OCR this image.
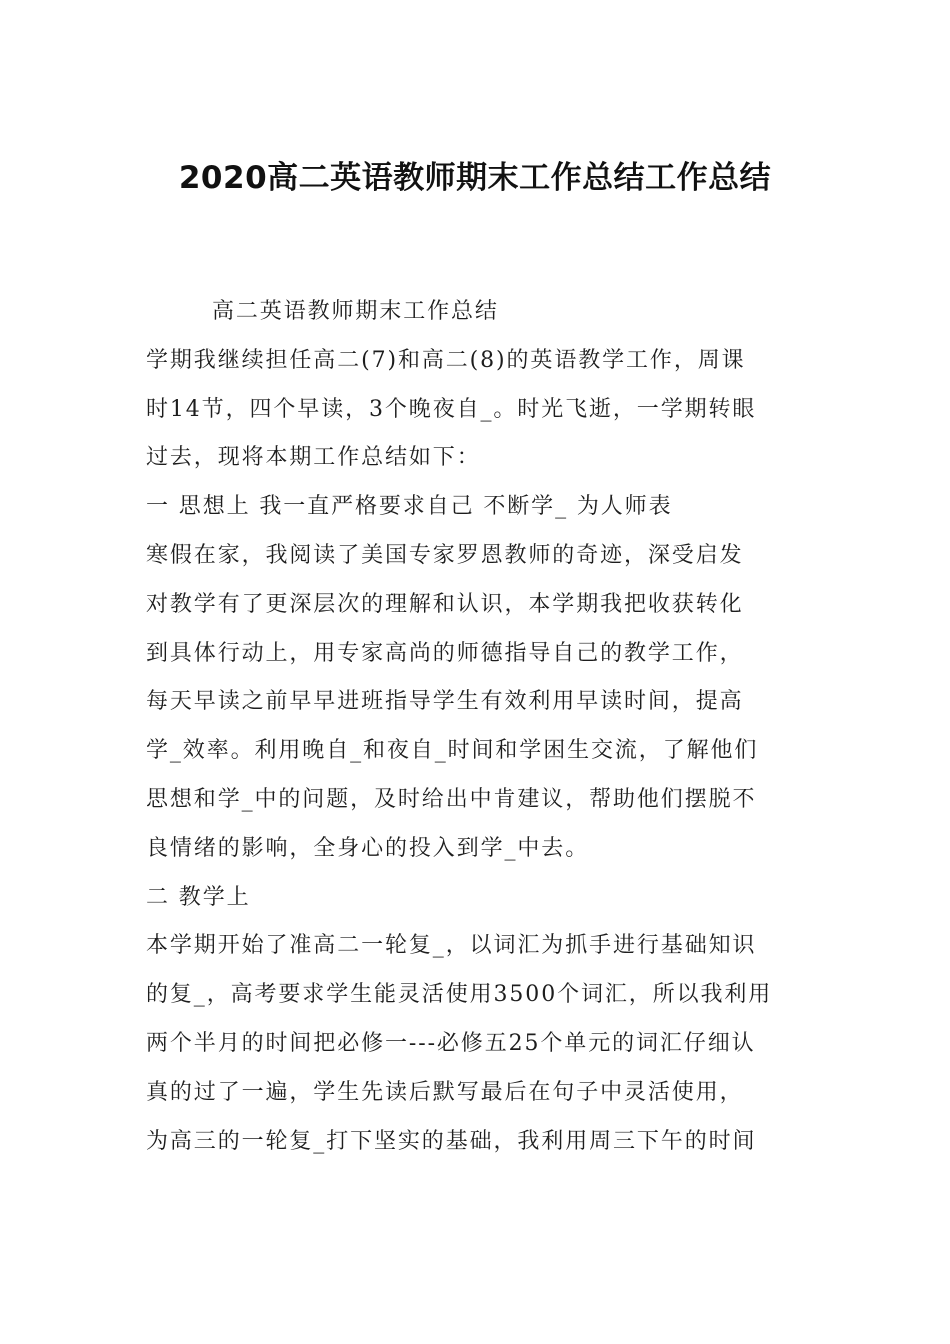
2020高二英语教师期末工作总结工作总结
高二英语教师期末工作总结
学期我继续担任高二(7)和高二(8)的英语教学工作，周课
时14节，四个早读，3个晚夜自_。时光飞逝，一学期转眼
过去，现将本期工作总结如下：
一 思想上 我一直严格要求自己 不断学_ 为人师表
寒假在家，我阅读了美国专家罗恩教师的奇迹，深受启发
对教学有了更深层次的理解和认识，本学期我把收获转化
到具体行动上，用专家高尚的师德指导自己的教学工作，
每天早读之前早早进班指导学生有效利用早读时间，提高
学_效率。利用晚自_和夜自_时间和学困生交流，了解他们
思想和学_中的问题，及时给出中肯建议，帮助他们摆脱不
良情绪的影响，全身心的投入到学_中去。
二 教学上
本学期开始了准高二一轮复_，以词汇为抓手进行基础知识
的复_，高考要求学生能灵活使用3500个词汇，所以我利用
两个半月的时间把必修一---必修五25个单元的词汇仔细认
真的过了一遍，学生先读后默写最后在句子中灵活使用，
为高三的一轮复_打下坚实的基础，我利用周三下午的时间
